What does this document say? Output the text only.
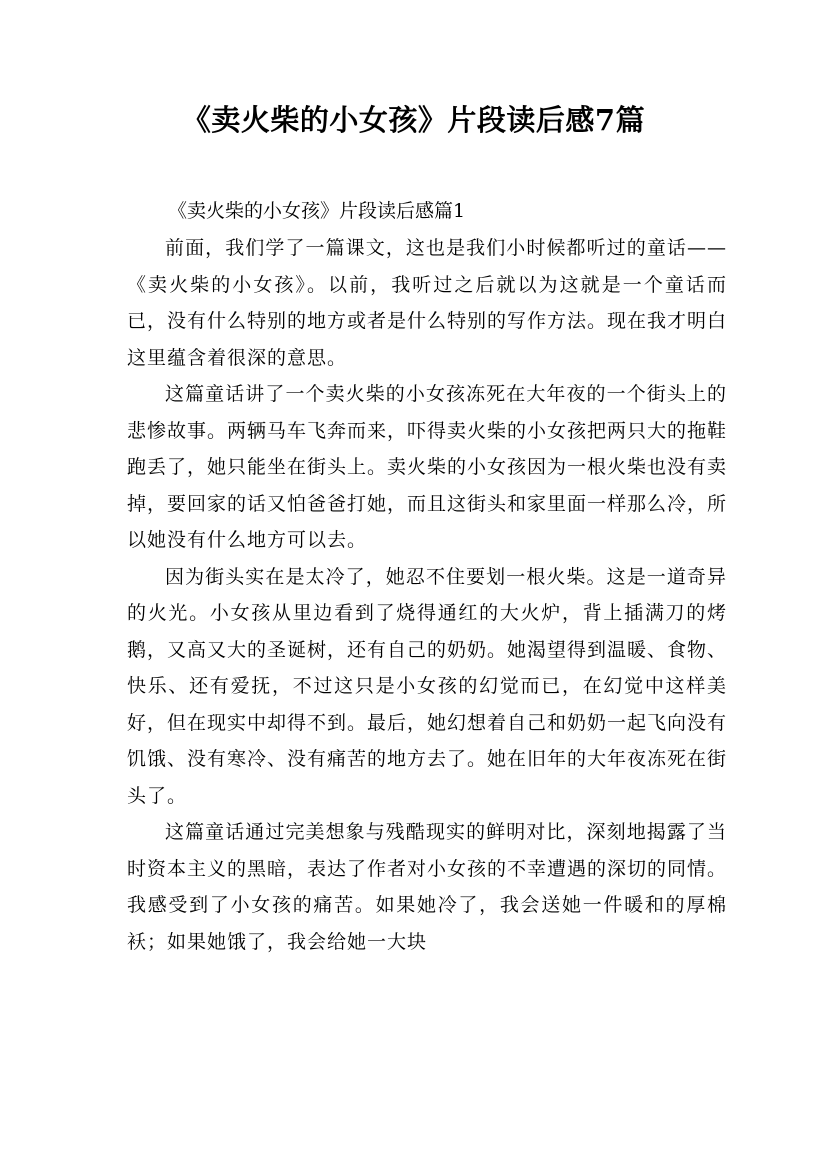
《卖火柴的小女孩》片段读后感7篇

《卖火柴的小女孩》片段读后感篇1

前面，我们学了一篇课文，这也是我们小时候都听过的童话——《卖火柴的小女孩》。以前，我听过之后就以为这就是一个童话而已，没有什么特别的地方或者是什么特别的写作方法。现在我才明白这里蕴含着很深的意思。

这篇童话讲了一个卖火柴的小女孩冻死在大年夜的一个街头上的悲惨故事。两辆马车飞奔而来，吓得卖火柴的小女孩把两只大的拖鞋跑丢了，她只能坐在街头上。卖火柴的小女孩因为一根火柴也没有卖掉，要回家的话又怕爸爸打她，而且这街头和家里面一样那么冷，所以她没有什么地方可以去。

因为街头实在是太冷了，她忍不住要划一根火柴。这是一道奇异的火光。小女孩从里边看到了烧得通红的大火炉，背上插满刀的烤鹅，又高又大的圣诞树，还有自己的奶奶。她渴望得到温暖、食物、快乐、还有爱抚，不过这只是小女孩的幻觉而已，在幻觉中这样美好，但在现实中却得不到。最后，她幻想着自己和奶奶一起飞向没有饥饿、没有寒冷、没有痛苦的地方去了。她在旧年的大年夜冻死在街头了。

这篇童话通过完美想象与残酷现实的鲜明对比，深刻地揭露了当时资本主义的黑暗，表达了作者对小女孩的不幸遭遇的深切的同情。我感受到了小女孩的痛苦。如果她冷了，我会送她一件暖和的厚棉袄；如果她饿了，我会给她一大块
